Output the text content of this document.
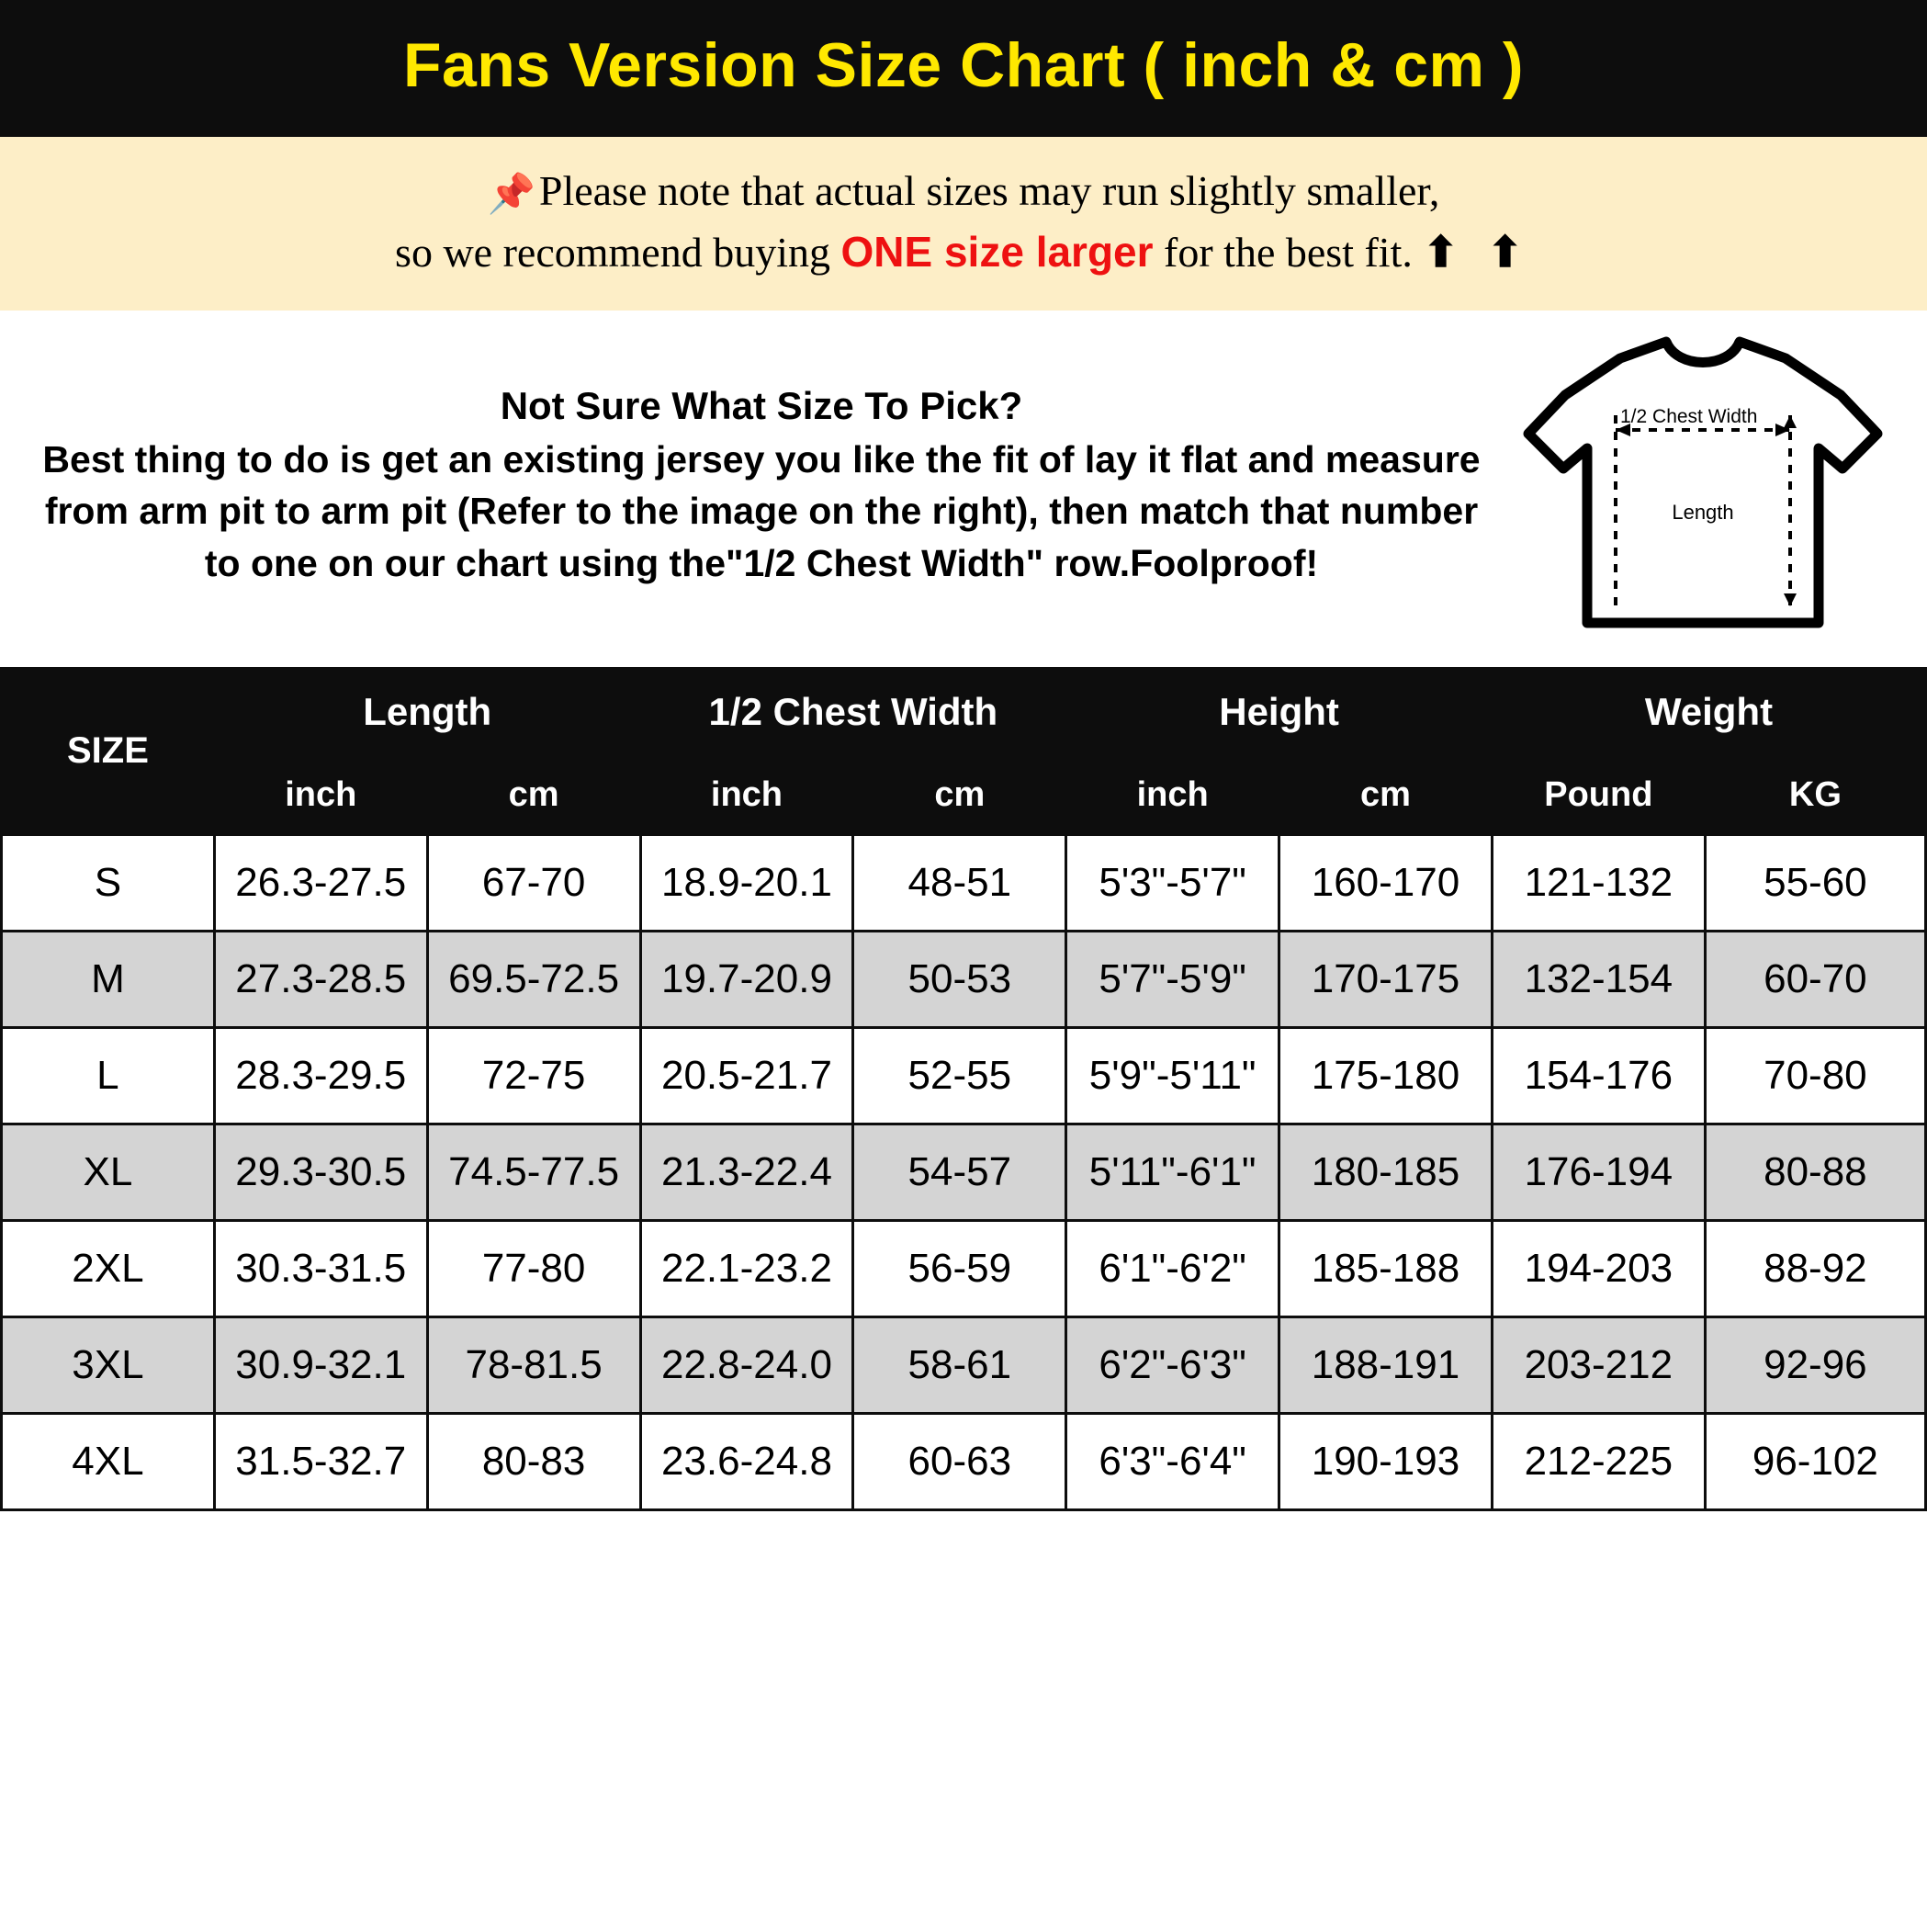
Fans Version Size Chart ( inch & cm )
📌Please note that actual sizes may run slightly smaller,
so we recommend buying ONE size larger for the best fit. ⬆ ⬆
Not Sure What Size To Pick?
Best thing to do is get an existing jersey you like the fit of lay it flat and measure from arm pit to arm pit (Refer to the image on the right), then match that number to one on our chart using the"1/2 Chest Width" row.Foolproof!
1/2 Chest Width
Length
SIZE	Length		1/2 Chest Width		Height		Weight	
	inch	cm	inch	cm	inch	cm	Pound	KG
S	26.3-27.5	67-70	18.9-20.1	48-51	5'3"-5'7"	160-170	121-132	55-60
M	27.3-28.5	69.5-72.5	19.7-20.9	50-53	5'7"-5'9"	170-175	132-154	60-70
L	28.3-29.5	72-75	20.5-21.7	52-55	5'9"-5'11"	175-180	154-176	70-80
XL	29.3-30.5	74.5-77.5	21.3-22.4	54-57	5'11"-6'1"	180-185	176-194	80-88
2XL	30.3-31.5	77-80	22.1-23.2	56-59	6'1"-6'2"	185-188	194-203	88-92
3XL	30.9-32.1	78-81.5	22.8-24.0	58-61	6'2"-6'3"	188-191	203-212	92-96
4XL	31.5-32.7	80-83	23.6-24.8	60-63	6'3"-6'4"	190-193	212-225	96-102
